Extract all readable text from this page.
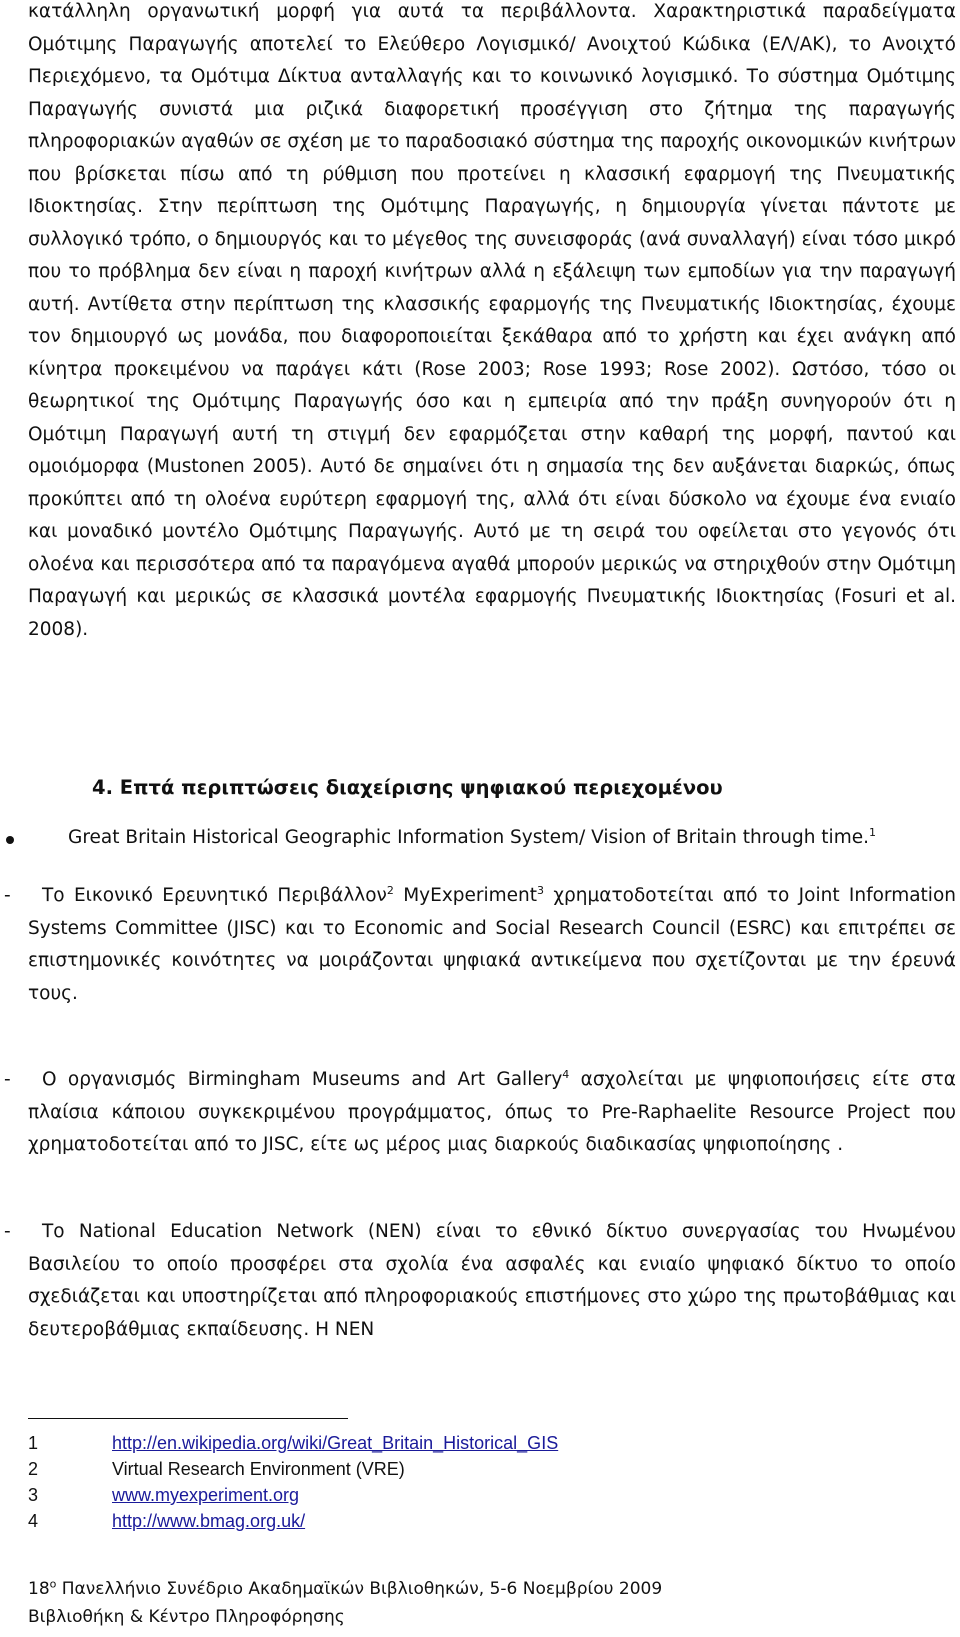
κατάλληλη οργανωτική μορφή για αυτά τα περιβάλλοντα. Χαρακτηριστικά παραδείγματα Ομότιμης Παραγωγής αποτελεί το Ελεύθερο Λογισμικό/ Ανοιχτού Κώδικα (ΕΛ/ΑΚ), το Ανοιχτό Περιεχόμενο, τα Ομότιμα Δίκτυα ανταλλαγής και το κοινωνικό λογισμικό. Το σύστημα Ομότιμης Παραγωγής συνιστά μια ριζικά διαφορετική προσέγγιση στο ζήτημα της παραγωγής πληροφοριακών αγαθών σε σχέση με το παραδοσιακό σύστημα της παροχής οικονομικών κινήτρων που βρίσκεται πίσω από τη ρύθμιση που προτείνει η κλασσική εφαρμογή της Πνευματικής Ιδιοκτησίας. Στην περίπτωση της Ομότιμης Παραγωγής, η δημιουργία γίνεται πάντοτε με συλλογικό τρόπο, ο δημιουργός και το μέγεθος της συνεισφοράς (ανά συναλλαγή) είναι τόσο μικρό που το πρόβλημα δεν είναι η παροχή κινήτρων αλλά η εξάλειψη των εμποδίων για την παραγωγή αυτή. Αντίθετα στην περίπτωση της κλασσικής εφαρμογής της Πνευματικής Ιδιοκτησίας, έχουμε τον δημιουργό ως μονάδα, που διαφοροποιείται ξεκάθαρα από το χρήστη και έχει ανάγκη από κίνητρα προκειμένου να παράγει κάτι (Rose 2003; Rose 1993; Rose 2002). Ωστόσο, τόσο οι θεωρητικοί της Ομότιμης Παραγωγής όσο και η εμπειρία από την πράξη συνηγορούν ότι η Ομότιμη Παραγωγή αυτή τη στιγμή δεν εφαρμόζεται στην καθαρή της μορφή, παντού και ομοιόμορφα (Mustonen 2005). Αυτό δε σημαίνει ότι η σημασία της δεν αυξάνεται διαρκώς, όπως προκύπτει από τη ολοένα ευρύτερη εφαρμογή της, αλλά ότι είναι δύσκολο να έχουμε ένα ενιαίο και μοναδικό μοντέλο Ομότιμης Παραγωγής. Αυτό με τη σειρά του οφείλεται στο γεγονός ότι ολοένα και περισσότερα από τα παραγόμενα αγαθά μπορούν μερικώς να στηριχθούν στην Ομότιμη Παραγωγή και μερικώς σε κλασσικά μοντέλα εφαρμογής Πνευματικής Ιδιοκτησίας (Fosuri et al. 2008).

4. Επτά περιπτώσεις διαχείρισης ψηφιακού περιεχομένου
Great Britain Historical Geographic Information System/ Vision of Britain through time.$^1$
-	Το Εικονικό Ερευνητικό Περιβάλλον$^2$ MyExperiment$^3$ χρηματοδοτείται από το Joint Information Systems Committee (JISC) και το Economic and Social Research Council (ESRC) και επιτρέπει σε επιστημονικές κοινότητες να μοιράζονται ψηφιακά αντικείμενα που σχετίζονται με την έρευνά τους.
-	Ο οργανισμός Birmingham Museums and Art Gallery$^4$ ασχολείται με ψηφιοποιήσεις είτε στα πλαίσια κάποιου συγκεκριμένου προγράμματος, όπως το Pre-Raphaelite Resource Project που χρηματοδοτείται από το JISC, είτε ως μέρος μιας διαρκούς διαδικασίας ψηφιοποίησης .
-	Το National Education Network (NEN) είναι το εθνικό δίκτυο συνεργασίας του Ηνωμένου Βασιλείου το οποίο προσφέρει στα σχολία ένα ασφαλές και ενιαίο ψηφιακό δίκτυο το οποίο σχεδιάζεται και υποστηρίζεται από πληροφοριακούς επιστήμονες στο χώρο της πρωτοβάθμιας και δευτεροβάθμιας εκπαίδευσης. Η NEN
1	http://en.wikipedia.org/wiki/Great_Britain_Historical_GIS
2	Virtual Research Environment (VRE)
3	www.myexperiment.org
4	http://www.bmag.org.uk/
$18^o$ Πανελλήνιο Συνέδριο Ακαδημαϊκών Βιβλιοθηκών, 5-6 Νοεμβρίου 2009
Βιβλιοθήκη & Κέντρο Πληροφόρησης
